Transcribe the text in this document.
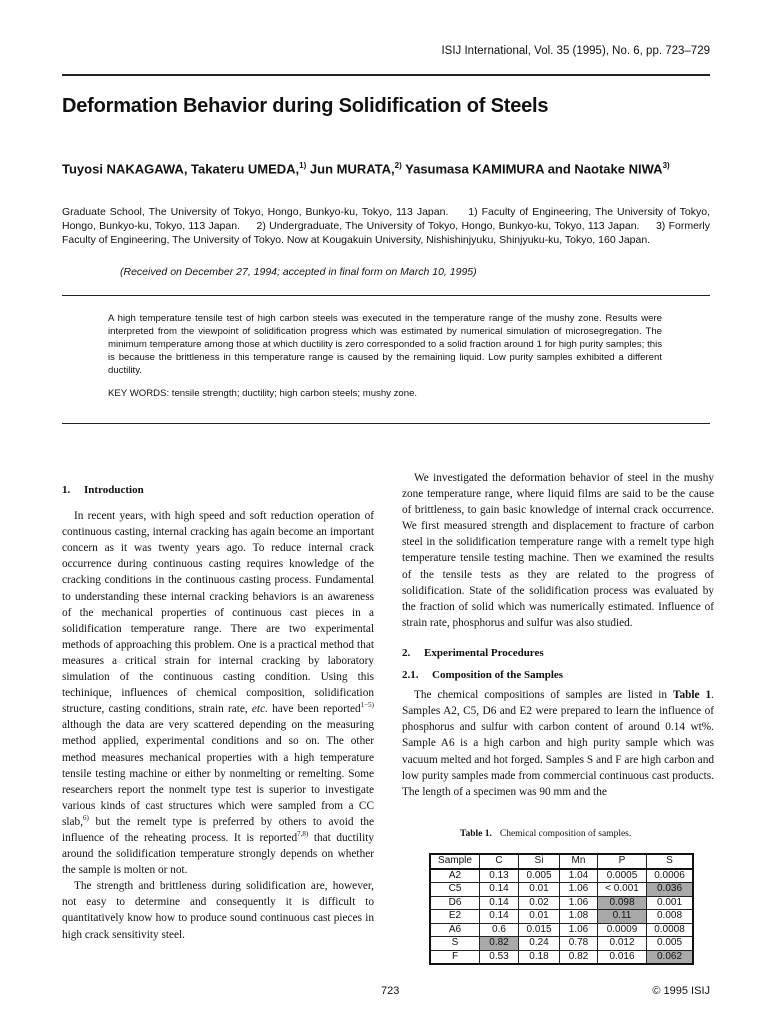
ISIJ International, Vol. 35 (1995), No. 6, pp. 723–729
Deformation Behavior during Solidification of Steels

Tuyosi NAKAGAWA, Takateru UMEDA,$^{1)}$ Jun MURATA,$^{2)}$ Yasumasa KAMIMURA and Naotake NIWA$^{3)}$

Graduate School, The University of Tokyo, Hongo, Bunkyo-ku, Tokyo, 113 Japan.     1) Faculty of Engineering, The University of Tokyo, Hongo, Bunkyo-ku, Tokyo, 113 Japan.     2) Undergraduate, The University of Tokyo, Hongo, Bunkyo-ku, Tokyo, 113 Japan.     3) Formerly Faculty of Engineering, The University of Tokyo. Now at Kougakuin University, Nishishinjyuku, Shinjyuku-ku, Tokyo, 160 Japan.

(Received on December 27, 1994; accepted in final form on March 10, 1995)

A high temperature tensile test of high carbon steels was executed in the temperature range of the mushy zone. Results were interpreted from the viewpoint of solidification progress which was estimated by numerical simulation of microsegregation. The minimum temperature among those at which ductility is zero corresponded to a solid fraction around 1 for high purity samples; this is because the brittleness in this temperature range is caused by the remaining liquid. Low purity samples exhibited a different ductility.

KEY WORDS: tensile strength; ductility; high carbon steels; mushy zone.

1. Introduction

In recent years, with high speed and soft reduction operation of continuous casting, internal cracking has again become an important concern as it was twenty years ago. To reduce internal crack occurrence during continuous casting requires knowledge of the cracking conditions in the continuous casting process. Fundamental to understanding these internal cracking behaviors is an awareness of the mechanical properties of continuous cast pieces in a solidification temperature range. There are two experimental methods of approaching this problem. One is a practical method that measures a critical strain for internal cracking by laboratory simulation of the continuous casting condition. Using this techinique, influences of chemical composition, solidification structure, casting conditions, strain rate, etc. have been reported$^{1-5)}$ although the data are very scattered depending on the measuring method applied, experimental conditions and so on. The other method measures mechanical properties with a high temperature tensile testing machine or either by nonmelting or remelting. Some researchers report the nonmelt type test is superior to investigate various kinds of cast structures which were sampled from a CC slab,$^{6)}$ but the remelt type is preferred by others to avoid the influence of the reheating process. It is reported$^{7,8)}$ that ductility around the solidification temperature strongly depends on whether the sample is molten or not.

The strength and brittleness during solidification are, however, not easy to determine and consequently it is difficult to quantitatively know how to produce sound continuous cast pieces in high crack sensitivity steel.

We investigated the deformation behavior of steel in the mushy zone temperature range, where liquid films are said to be the cause of brittleness, to gain basic knowledge of internal crack occurrence. We first measured strength and displacement to fracture of carbon steel in the solidification temperature range with a remelt type high temperature tensile testing machine. Then we examined the results of the tensile tests as they are related to the progress of solidification. State of the solidification process was evaluated by the fraction of solid which was numerically estimated. Influence of strain rate, phosphorus and sulfur was also studied.

2. Experimental Procedures
2.1. Composition of the Samples

The chemical compositions of samples are listed in Table 1. Samples A2, C5, D6 and E2 were prepared to learn the influence of phosphorus and sulfur with carbon content of around 0.14 wt%. Sample A6 is a high carbon and high purity sample which was vacuum melted and hot forged. Samples S and F are high carbon and low purity samples made from commercial continuous cast products. The length of a specimen was 90 mm and the

Table 1. Chemical composition of samples.

Sample	C	Si	Mn	P	S
A2	0.13	0.005	1.04	0.0005	0.0006
C5	0.14	0.01	1.06	< 0.001	0.036
D6	0.14	0.02	1.06	0.098	0.001
E2	0.14	0.01	1.08	0.11	0.008
A6	0.6	0.015	1.06	0.0009	0.0008
S	0.82	0.24	0.78	0.012	0.005
F	0.53	0.18	0.82	0.016	0.062
723	© 1995 ISIJ
